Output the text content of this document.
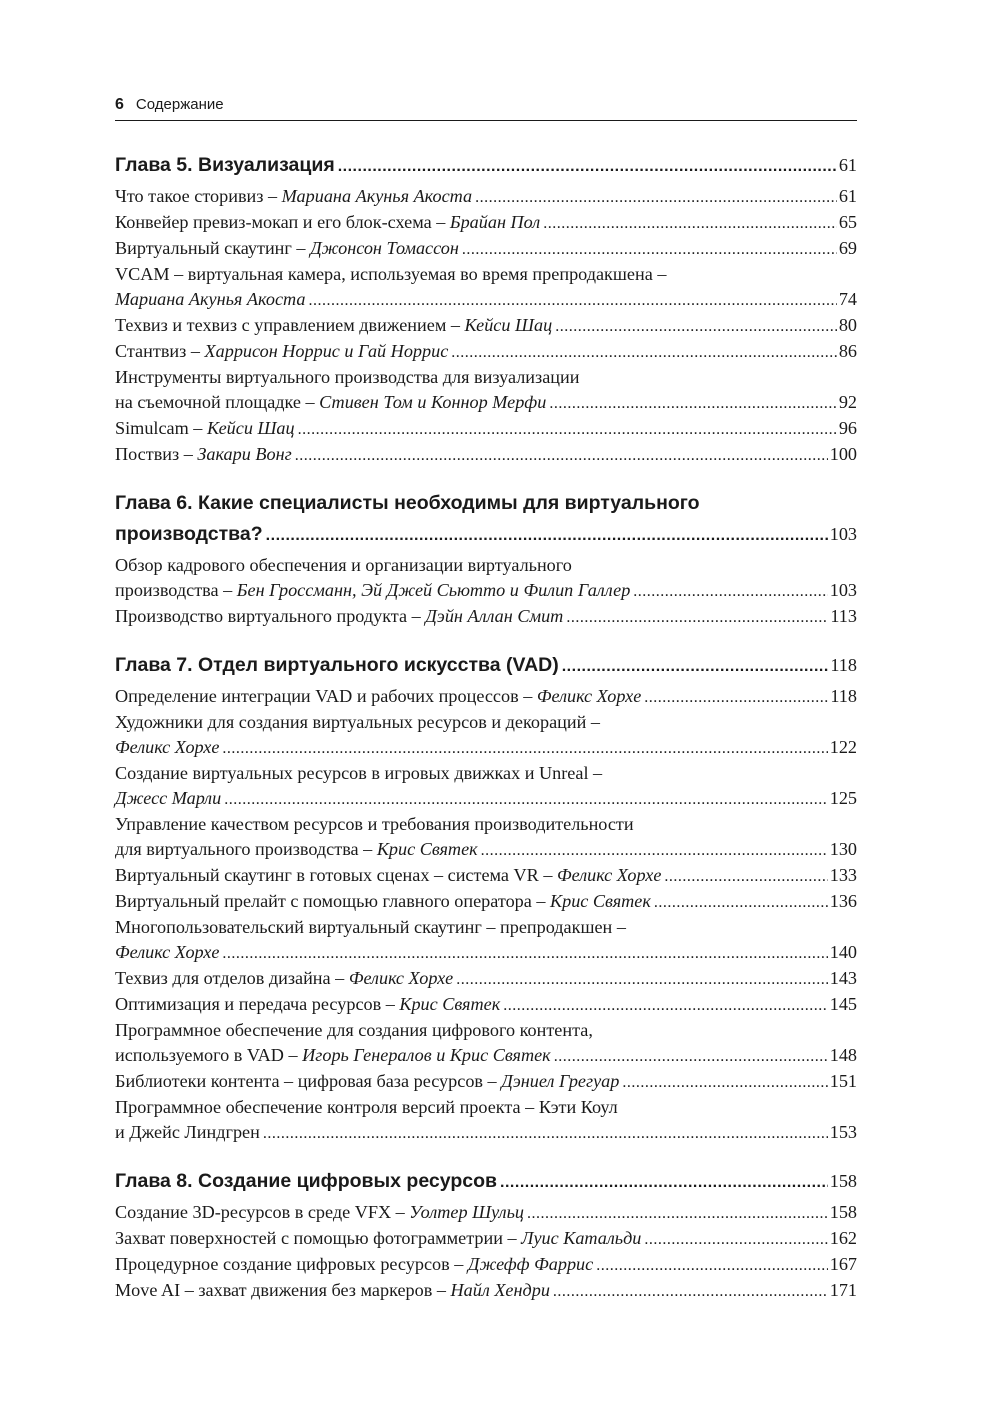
6 Содержание
Глава 5. Визуализация .....	61
Что такое сторивиз – Мариана Акунья Акоста .....	61
Конвейер превиз-мокап и его блок-схема – Брайан Пол .....	65
Виртуальный скаутинг – Джонсон Томассон .....	69
VCAM – виртуальная камера, используемая во время препродакшена –
Мариана Акунья Акоста .....	74
Техвиз и техвиз с управлением движением – Кейси Шац .....	80
Стантвиз – Харрисон Норрис и Гай Норрис .....	86
Инструменты виртуального производства для визуализации
на съемочной площадке – Стивен Том и Коннор Мерфи .....	92
Simulcam – Кейси Шац .....	96
Поствиз – Закари Вонг .....	100
Глава 6. Какие специалисты необходимы для виртуального
производства? .....	103
Обзор кадрового обеспечения и организации виртуального
производства – Бен Гроссманн, Эй Джей Сьютто и Филип Галлер .....	103
Производство виртуального продукта – Дэйн Аллан Смит .....	113
Глава 7. Отдел виртуального искусства (VAD) .....	118
Определение интеграции VAD и рабочих процессов – Феликс Хорхе .....	118
Художники для создания виртуальных ресурсов и декораций –
Феликс Хорхе .....	122
Создание виртуальных ресурсов в игровых движках и Unreal –
Джесс Марли .....	125
Управление качеством ресурсов и требования производительности
для виртуального производства – Крис Святек .....	130
Виртуальный скаутинг в готовых сценах – система VR – Феликс Хорхе .....	133
Виртуальный прелайт с помощью главного оператора – Крис Святек .....	136
Многопользовательский виртуальный скаутинг – препродакшен –
Феликс Хорхе .....	140
Техвиз для отделов дизайна – Феликс Хорхе .....	143
Оптимизация и передача ресурсов – Крис Святек .....	145
Программное обеспечение для создания цифрового контента,
используемого в VAD – Игорь Генералов и Крис Святек .....	148
Библиотеки контента – цифровая база ресурсов – Дэниел Грегуар .....	151
Программное обеспечение контроля версий проекта – Кэти Коул
и Джейс Линдгрен .....	153
Глава 8. Создание цифровых ресурсов .....	158
Создание 3D-ресурсов в среде VFX – Уолтер Шульц .....	158
Захват поверхностей с помощью фотограмметрии – Луис Катальди .....	162
Процедурное создание цифровых ресурсов – Джефф Фаррис .....	167
Move AI – захват движения без маркеров – Найл Хендри .....	171
